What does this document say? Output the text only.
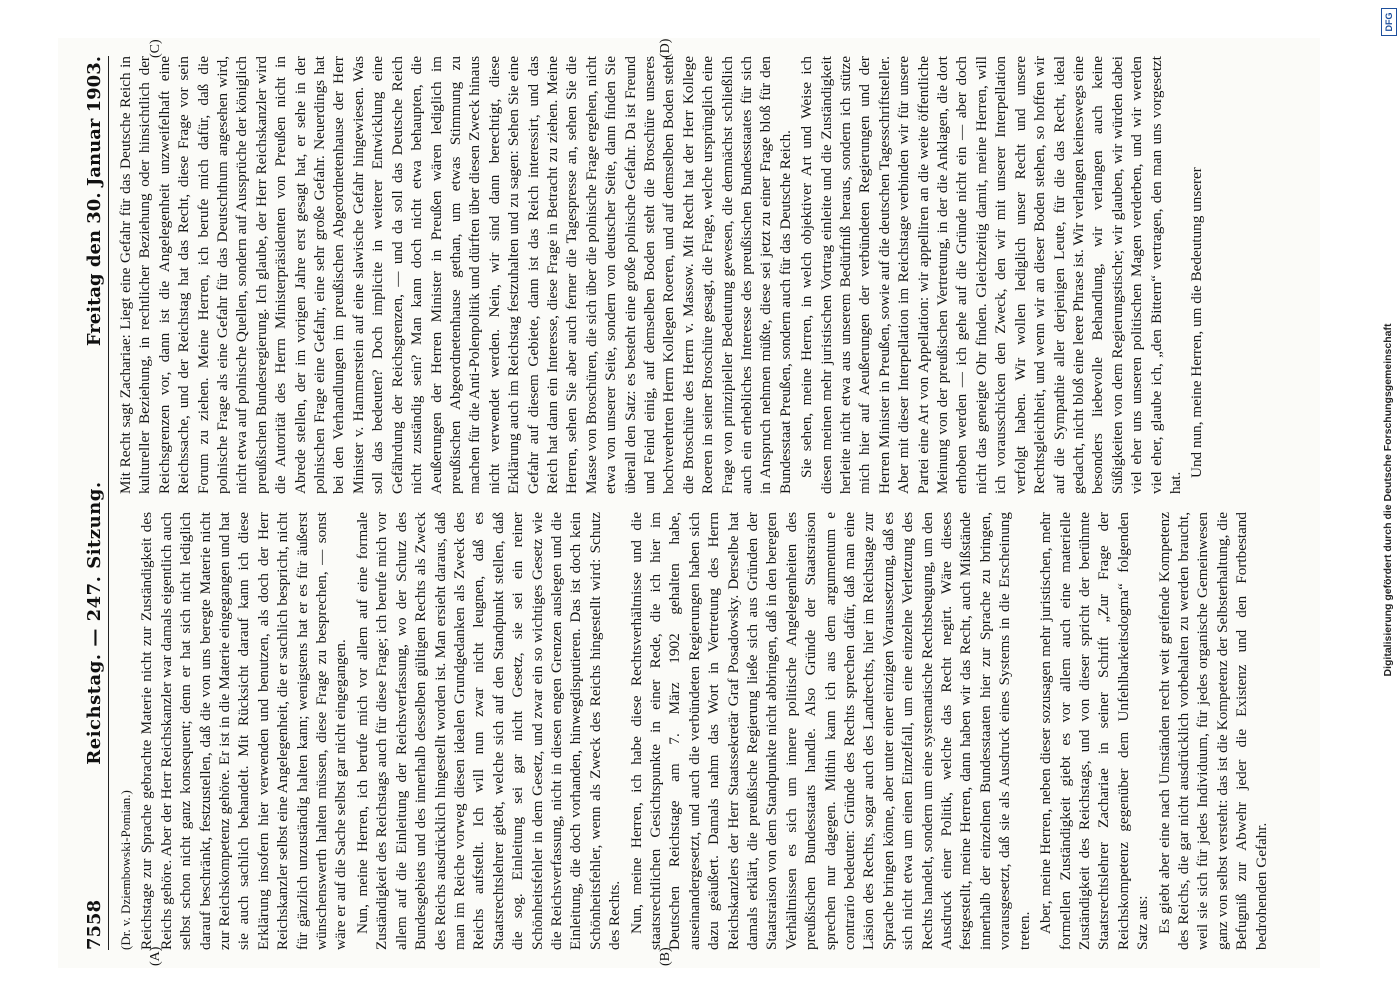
7558
Reichstag. — 247. Sitzung.
Freitag den 30. Januar 1903.
(A)	(B)
(C)	(D)
(Dr. v. Dziembowski-Pomian.) Reichstage zur Sprache gebrachte Materie nicht zur Zuständigkeit des Reichs gehöre. Aber der Herr Reichskanzler war damals eigentlich auch selbst schon nicht ganz konsequent; denn er hat sich nicht lediglich darauf beschränkt, festzustellen, daß die von uns beregte Materie nicht zur Reichskompetenz gehöre. Er ist in die Materie eingegangen und hat sie auch sachlich behandelt. Mit Rücksicht darauf kann ich diese Erklärung insofern hier verwenden und benutzen, als doch der Herr Reichskanzler selbst eine Angelegenheit, die er sachlich bespricht, nicht für gänzlich unzuständig halten kann; wenigstens hat er es für äußerst wünschenswerth halten müssen, diese Frage zu besprechen, — sonst wäre er auf die Sache selbst gar nicht eingegangen. Nun, meine Herren, ich berufe mich vor allem auf eine formale Zuständigkeit des Reichstags auch für diese Frage; ich berufe mich vor allem auf die Einleitung der Reichsverfassung, wo der Schutz des Bundesgebiets und des innerhalb desselben gültigen Rechts als Zweck des Reichs ausdrücklich hingestellt worden ist. Man ersieht daraus, daß man im Reiche vorweg diesen idealen Grundgedanken als Zweck des Reichs aufstellt. Ich will nun zwar nicht leugnen, daß es Staatsrechtslehrer giebt, welche sich auf den Standpunkt stellen, daß die sog. Einleitung sei gar nicht Gesetz, sie sei ein reiner Schönheitsfehler in dem Gesetz, und zwar ein so wichtiges Gesetz wie die Reichsverfassung, nicht in diesen engen Grenzen auslegen und die Einleitung, die doch vorhanden, hinwegdisputieren. Das ist doch kein Schönheitsfehler, wenn als Zweck des Reichs hingestellt wird: Schutz des Rechts. Nun, meine Herren, ich habe diese Rechtsverhältnisse und die staatsrechtlichen Gesichtspunkte in einer Rede, die ich hier im Deutschen Reichstage am 7. März 1902 gehalten habe, auseinandergesetzt, und auch die verbündeten Regierungen haben sich dazu geäußert. Damals nahm das Wort in Vertretung des Herrn Reichskanzlers der Herr Staatssekretär Graf Posadowsky. Derselbe hat damals erklärt, die preußische Regierung ließe sich aus Gründen der Staatsraison von dem Standpunkte nicht abbringen, daß in den beregten Verhältnissen es sich um innere politische Angelegenheiten des preußischen Bundesstaats handle. Also Gründe der Staatsraison sprechen nur dagegen. Mithin kann ich aus dem argumentum e contrario bedeuten: Gründe des Rechts sprechen dafür, daß man eine Läsion des Rechts, sogar auch des Landrechts, hier im Reichstage zur Sprache bringen könne, aber unter einer einzigen Voraussetzung, daß es sich nicht etwa um einen Einzelfall, um eine einzelne Verletzung des Rechts handelt, sondern um eine systematische Rechtsbeugung, um den Ausdruck einer Politik, welche das Recht negirt. Wäre dieses festgestellt, meine Herren, dann haben wir das Recht, auch Mißstände innerhalb der einzelnen Bundesstaaten hier zur Sprache zu bringen, vorausgesetzt, daß sie als Ausdruck eines Systems in die Erscheinung treten. Aber, meine Herren, neben dieser sozusagen mehr juristischen, mehr formellen Zuständigkeit giebt es vor allem auch eine materielle Zuständigkeit des Reichstags, und von dieser spricht der berühmte Staatsrechtslehrer Zachariae in seiner Schrift „Zur Frage der Reichskompetenz gegenüber dem Unfehlbarkeitsdogma“ folgenden Satz aus: Es giebt aber eine nach Umständen recht weit greifende Kompetenz des Reichs, die gar nicht ausdrücklich vorbehalten zu werden braucht, weil sie sich für jedes Individuum, für jedes organische Gemeinwesen ganz von selbst versteht: das ist die Kompetenz der Selbsterhaltung, die Befugniß zur Abwehr jeder die Existenz und den Fortbestand bedrohenden Gefahr.

Mit Recht sagt Zachariae: Liegt eine Gefahr für das Deutsche Reich in kultureller Beziehung, in rechtlicher Beziehung oder hinsichtlich der Reichsgrenzen vor, dann ist die Angelegenheit unzweifelhaft eine Reichssache, und der Reichstag hat das Recht, diese Frage vor sein Forum zu ziehen. Meine Herren, ich berufe mich dafür, daß die polnische Frage als eine Gefahr für das Deutschthum angesehen wird, nicht etwa auf polnische Quellen, sondern auf Aussprüche der königlich preußischen Bundesregierung. Ich glaube, der Herr Reichskanzler wird die Autorität des Herrn Ministerpräsidenten von Preußen nicht in Abrede stellen, der im vorigen Jahre erst gesagt hat, er sehe in der polnischen Frage eine Gefahr, eine sehr große Gefahr. Neuerdings hat bei den Verhandlungen im preußischen Abgeordnetenhause der Herr Minister v. Hammerstein auf eine slawische Gefahr hingewiesen. Was soll das bedeuten? Doch implicite in weiterer Entwicklung eine Gefährdung der Reichsgrenzen, — und da soll das Deutsche Reich nicht zuständig sein? Man kann doch nicht etwa behaupten, die Aeußerungen der Herren Minister in Preußen wären lediglich im preußischen Abgeordnetenhause gethan, um etwas Stimmung zu machen für die Anti-Polenpolitik und dürften über diesen Zweck hinaus nicht verwendet werden. Nein, wir sind dann berechtigt, diese Erklärung auch im Reichstag festzuhalten und zu sagen: Sehen Sie eine Gefahr auf diesem Gebiete, dann ist das Reich interessirt, und das Reich hat dann ein Interesse, diese Frage in Betracht zu ziehen. Meine Herren, sehen Sie aber auch ferner die Tagespresse an, sehen Sie die Masse von Broschüren, die sich über die polnische Frage ergehen, nicht etwa von unserer Seite, sondern von deutscher Seite, dann finden Sie überall den Satz: es besteht eine große polnische Gefahr. Da ist Freund und Feind einig, auf demselben Boden steht die Broschüre unseres hochverehrten Herrn Kollegen Roeren, und auf demselben Boden steht die Broschüre des Herrn v. Massow. Mit Recht hat der Herr Kollege Roeren in seiner Broschüre gesagt, die Frage, welche ursprünglich eine Frage von prinzipieller Bedeutung gewesen, die demnächst schließlich auch ein erhebliches Interesse des preußischen Bundesstaates für sich in Anspruch nehmen müßte, diese sei jetzt zu einer Frage bloß für den Bundesstaat Preußen, sondern auch für das Deutsche Reich. Sie sehen, meine Herren, in welch objektiver Art und Weise ich diesen meinen mehr juristischen Vortrag einleite und die Zuständigkeit herleite nicht etwa aus unserem Bedürfniß heraus, sondern ich stütze mich hier auf Aeußerungen der verbündeten Regierungen und der Herren Minister in Preußen, sowie auf die deutschen Tagesschriftsteller. Aber mit dieser Interpellation im Reichstage verbinden wir für unsere Partei eine Art von Appellation: wir appelliren an die weite öffentliche Meinung von der preußischen Vertretung, in der die Anklagen, die dort erhoben werden — ich gehe auf die Gründe nicht ein — aber doch nicht das geneigte Ohr finden. Gleichzeitig damit, meine Herren, will ich vorausschicken den Zweck, den wir mit unserer Interpellation verfolgt haben. Wir wollen lediglich unser Recht und unsere Rechtsgleichheit, und wenn wir an dieser Boden stehen, so hoffen wir auf die Sympathie aller derjenigen Leute, für die das Recht, ideal gedacht, nicht bloß eine leere Phrase ist. Wir verlangen keineswegs eine besonders liebevolle Behandlung, wir verlangen auch keine Süßigkeiten von dem Regierungstische; wir glauben, wir würden dabei viel eher uns unseren politischen Magen verderben, und wir werden viel eher, glaube ich, „den Bittern“ vertragen, den man uns vorgesetzt hat.

Und nun, meine Herren, um die Bedeutung unserer

DFG
Digitalisierung gefördert durch die Deutsche Forschungsgemeinschaft
